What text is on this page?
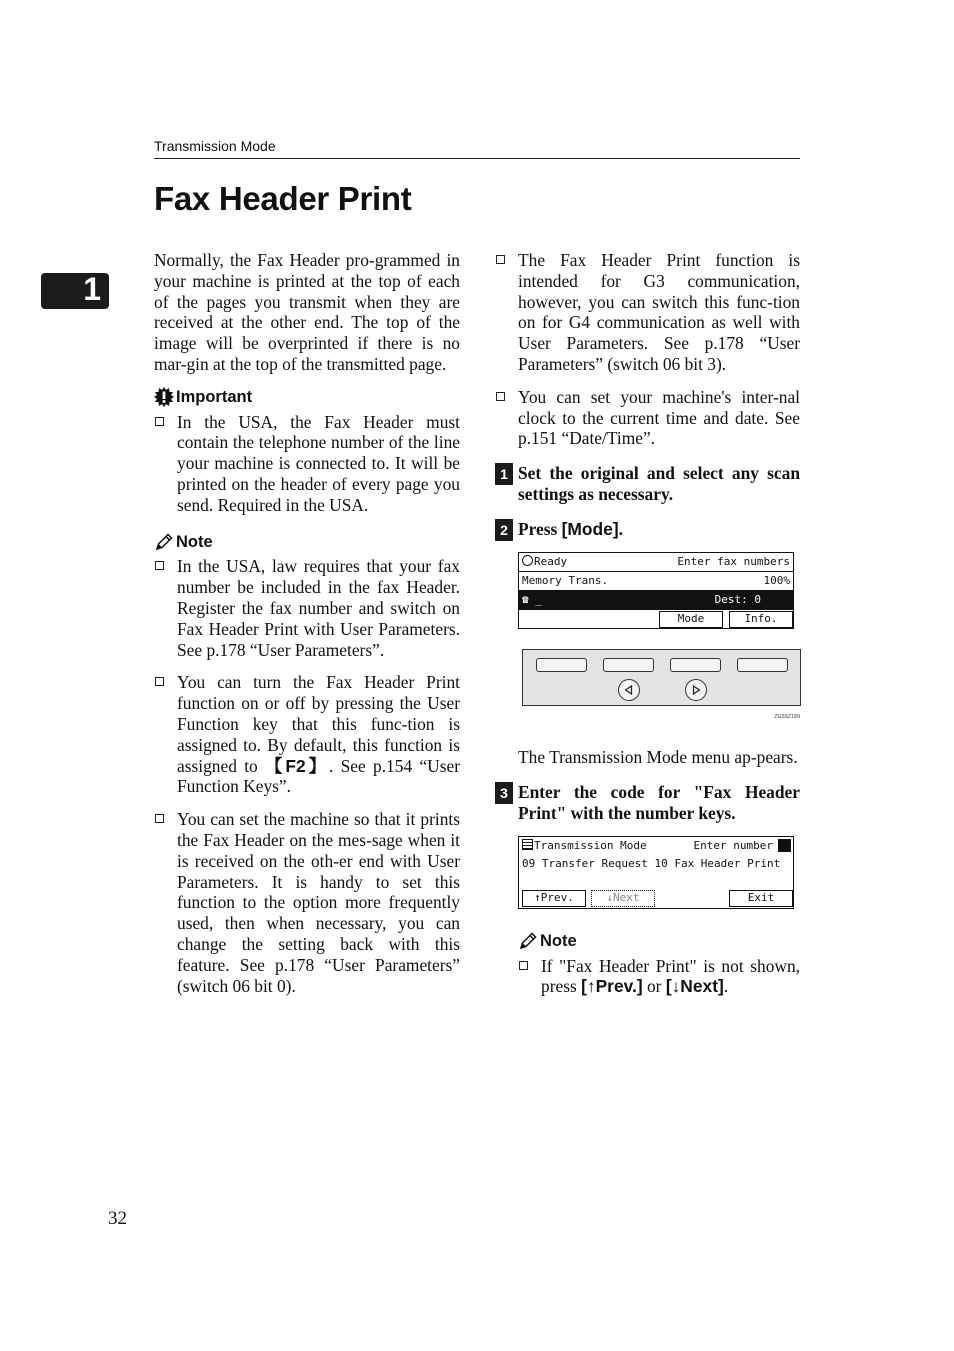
Transmission Mode
1
Fax Header Print

Normally, the Fax Header pro-grammed in your machine is printed at the top of each of the pages you transmit when they are received at the other end. The top of the image will be overprinted if there is no mar-gin at the top of the transmitted page.

Important
In the USA, the Fax Header must contain the telephone number of the line your machine is connected to. It will be printed on the header of every page you send. Required in the USA.
Note
In the USA, law requires that your fax number be included in the fax Header. Register the fax number and switch on Fax Header Print with User Parameters. See p.178 “User Parameters”.
You can turn the Fax Header Print function on or off by pressing the User Function key that this func-tion is assigned to. By default, this function is assigned to 【F2】. See p.154 “User Function Keys”.
You can set the machine so that it prints the Fax Header on the mes-sage when it is received on the oth-er end with User Parameters. It is handy to set this function to the option more frequently used, then when necessary, you can change the setting back with this feature. See p.178 “User Parameters” (switch 06 bit 0).
The Fax Header Print function is intended for G3 communication, however, you can switch this func-tion on for G4 communication as well with User Parameters. See p.178 “User Parameters” (switch 06 bit 3).
You can set your machine's inter-nal clock to the current time and date. See p.151 “Date/Time”.
1 Set the original and select any scan settings as necessary.
2 Press [Mode].
Ready	Enter fax numbers
Memory Trans.	100%
☎ _	Dest: 0
Mode	Info.
ZGSS210N

The Transmission Mode menu ap-pears.

3 Enter the code for "Fax Header Print" with the number keys.
Transmission Mode	Enter number
09 Transfer Request 10 Fax Header Print
↑Prev.	↓Next	Exit
Note
If "Fax Header Print" is not shown, press [↑Prev.] or [↓Next].
32
